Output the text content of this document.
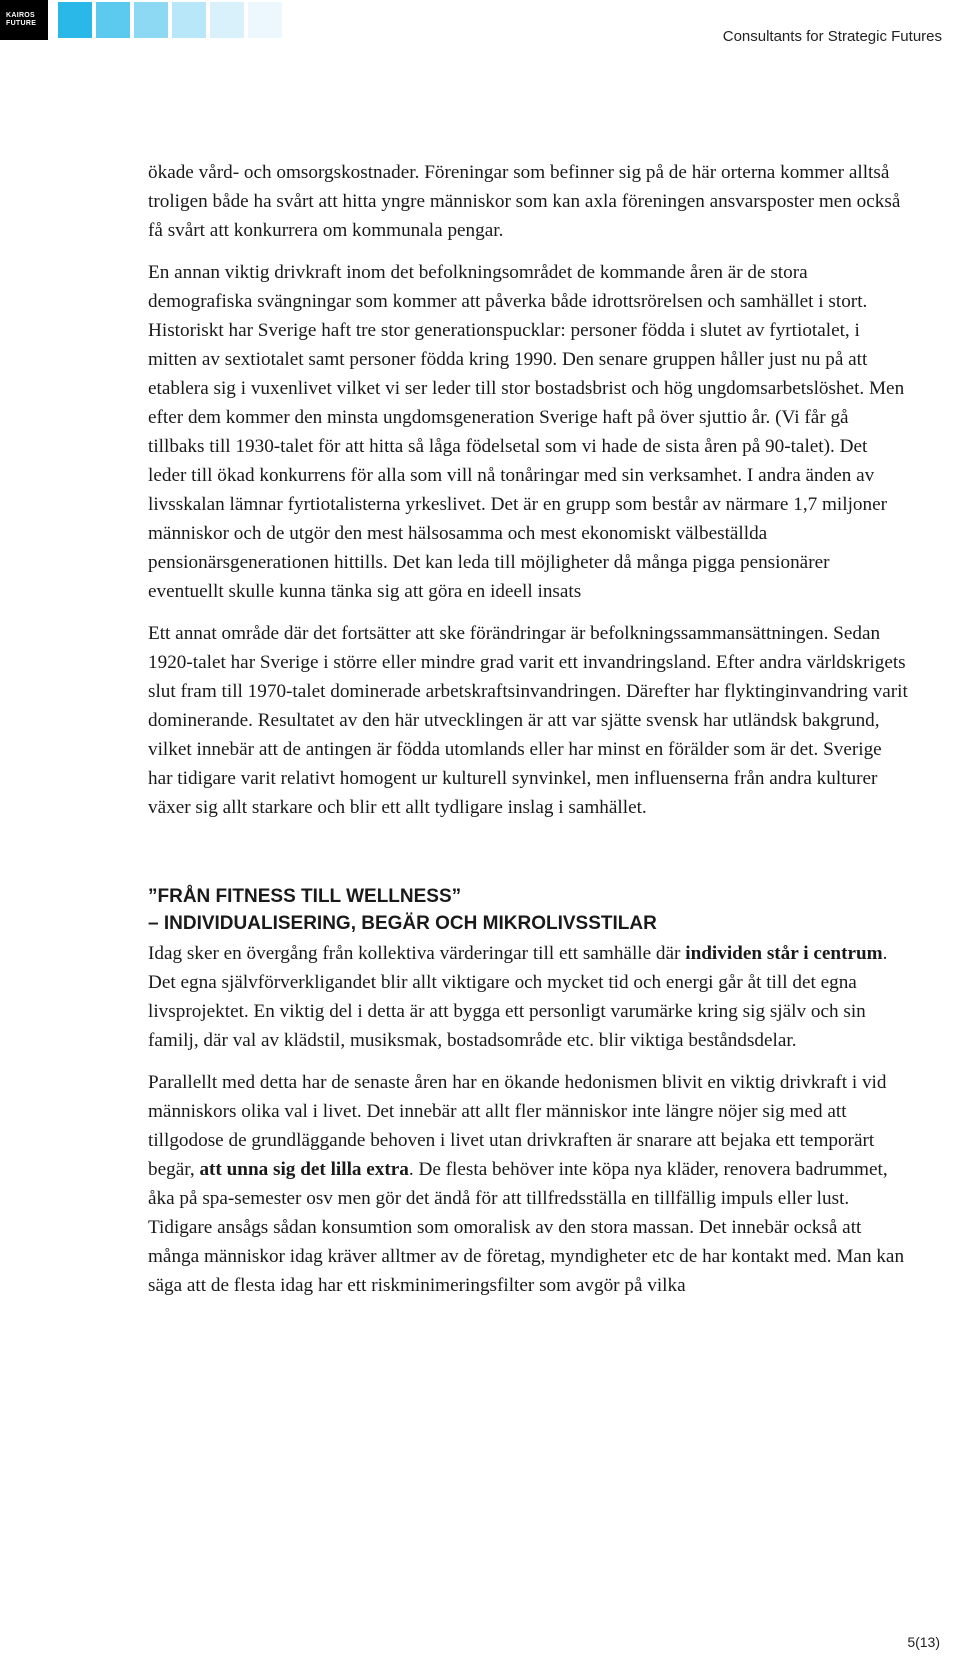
KAIROS
FUTURE
Consultants for Strategic Futures

ökade vård- och omsorgskostnader. Föreningar som befinner sig på de här orterna kommer alltså troligen både ha svårt att hitta yngre människor som kan axla föreningen ansvarsposter men också få svårt att konkurrera om kommunala pengar.

En annan viktig drivkraft inom det befolkningsområdet de kommande åren är de stora demografiska svängningar som kommer att påverka både idrottsrörelsen och samhället i stort. Historiskt har Sverige haft tre stor generationspucklar: personer födda i slutet av fyrtiotalet, i mitten av sextiotalet samt personer födda kring 1990. Den senare gruppen håller just nu på att etablera sig i vuxenlivet vilket vi ser leder till stor bostadsbrist och hög ungdomsarbetslöshet. Men efter dem kommer den minsta ungdomsgeneration Sverige haft på över sjuttio år. (Vi får gå tillbaks till 1930-talet för att hitta så låga födelsetal som vi hade de sista åren på 90-talet). Det leder till ökad konkurrens för alla som vill nå tonåringar med sin verksamhet. I andra änden av livsskalan lämnar fyrtiotalisterna yrkeslivet. Det är en grupp som består av närmare 1,7 miljoner människor och de utgör den mest hälsosamma och mest ekonomiskt välbeställda pensionärsgenerationen hittills. Det kan leda till möjligheter då många pigga pensionärer eventuellt skulle kunna tänka sig att göra en ideell insats

Ett annat område där det fortsätter att ske förändringar är befolkningssammansättningen. Sedan 1920-talet har Sverige i större eller mindre grad varit ett invandringsland. Efter andra världskrigets slut fram till 1970-talet dominerade arbetskraftsinvandringen. Därefter har flyktinginvandring varit dominerande. Resultatet av den här utvecklingen är att var sjätte svensk har utländsk bakgrund, vilket innebär att de antingen är födda utomlands eller har minst en förälder som är det. Sverige har tidigare varit relativt homogent ur kulturell synvinkel, men influenserna från andra kulturer växer sig allt starkare och blir ett allt tydligare inslag i samhället.

”FRÅN FITNESS TILL WELLNESS”
– INDIVIDUALISERING, BEGÄR OCH MIKROLIVSSTILAR

Idag sker en övergång från kollektiva värderingar till ett samhälle där individen står i centrum. Det egna självförverkligandet blir allt viktigare och mycket tid och energi går åt till det egna livsprojektet. En viktig del i detta är att bygga ett personligt varumärke kring sig själv och sin familj, där val av klädstil, musiksmak, bostadsområde etc. blir viktiga beståndsdelar.

Parallellt med detta har de senaste åren har en ökande hedonismen blivit en viktig drivkraft i vid människors olika val i livet. Det innebär att allt fler människor inte längre nöjer sig med att tillgodose de grundläggande behoven i livet utan drivkraften är snarare att bejaka ett temporärt begär, att unna sig det lilla extra. De flesta behöver inte köpa nya kläder, renovera badrummet, åka på spa-semester osv men gör det ändå för att tillfredsställa en tillfällig impuls eller lust. Tidigare ansågs sådan konsumtion som omoralisk av den stora massan. Det innebär också att många människor idag kräver alltmer av de företag, myndigheter etc de har kontakt med. Man kan säga att de flesta idag har ett riskminimeringsfilter som avgör på vilka

5(13)
